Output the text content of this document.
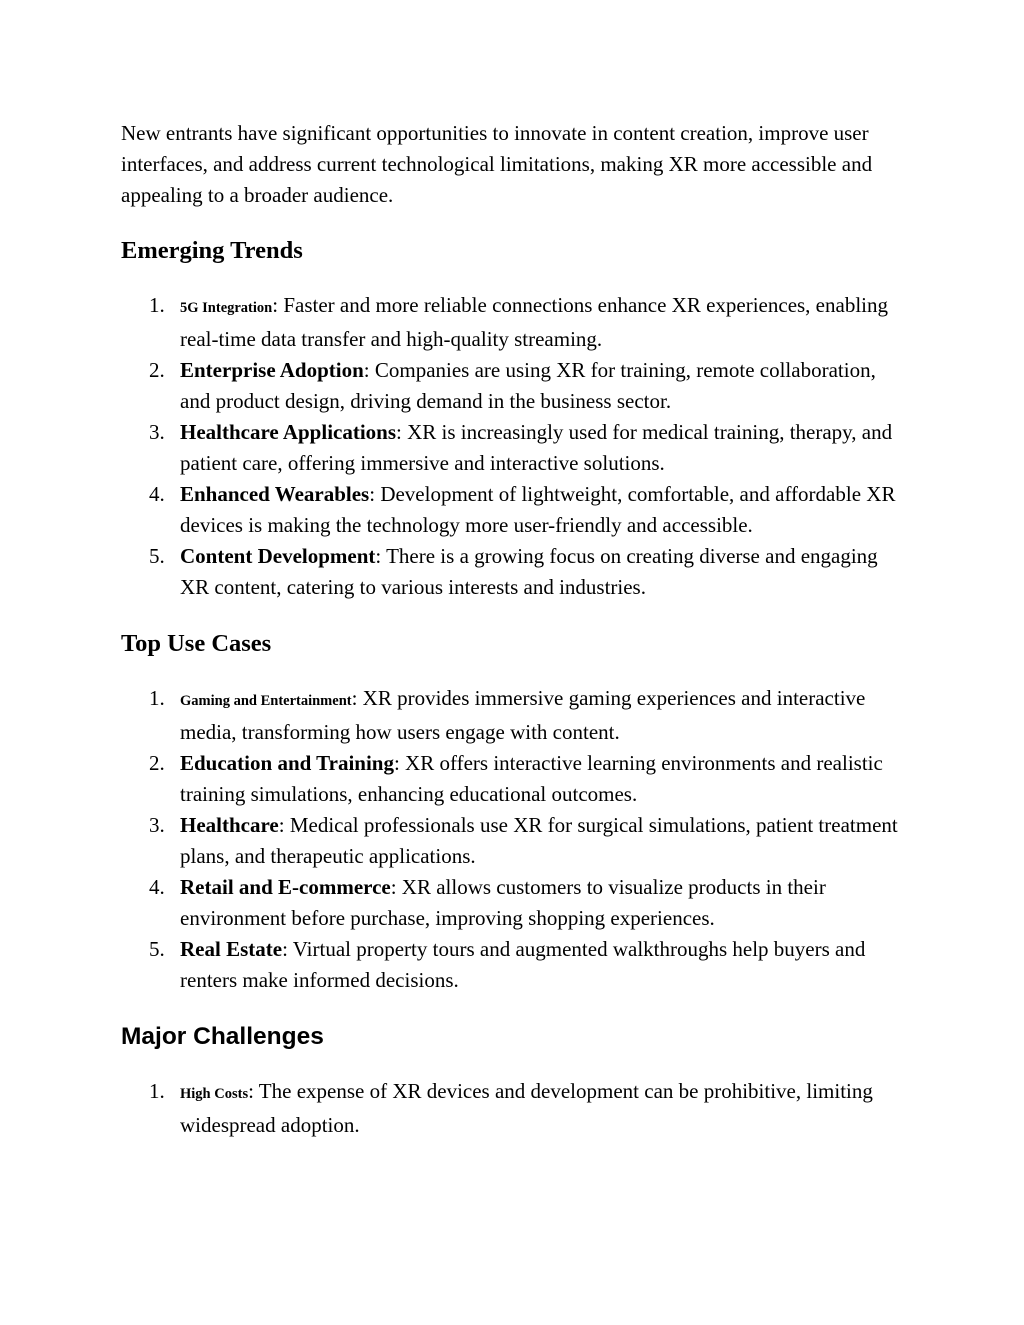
New entrants have significant opportunities to innovate in content creation, improve user interfaces, and address current technological limitations, making XR more accessible and appealing to a broader audience.

Emerging Trends
1. 5G Integration: Faster and more reliable connections enhance XR experiences, enabling real-time data transfer and high-quality streaming.
2. Enterprise Adoption: Companies are using XR for training, remote collaboration, and product design, driving demand in the business sector.
3. Healthcare Applications: XR is increasingly used for medical training, therapy, and patient care, offering immersive and interactive solutions.
4. Enhanced Wearables: Development of lightweight, comfortable, and affordable XR devices is making the technology more user-friendly and accessible.
5. Content Development: There is a growing focus on creating diverse and engaging XR content, catering to various interests and industries.
Top Use Cases
1. Gaming and Entertainment: XR provides immersive gaming experiences and interactive media, transforming how users engage with content.
2. Education and Training: XR offers interactive learning environments and realistic training simulations, enhancing educational outcomes.
3. Healthcare: Medical professionals use XR for surgical simulations, patient treatment plans, and therapeutic applications.
4. Retail and E-commerce: XR allows customers to visualize products in their environment before purchase, improving shopping experiences.
5. Real Estate: Virtual property tours and augmented walkthroughs help buyers and renters make informed decisions.
Major Challenges
1. High Costs: The expense of XR devices and development can be prohibitive, limiting widespread adoption.
